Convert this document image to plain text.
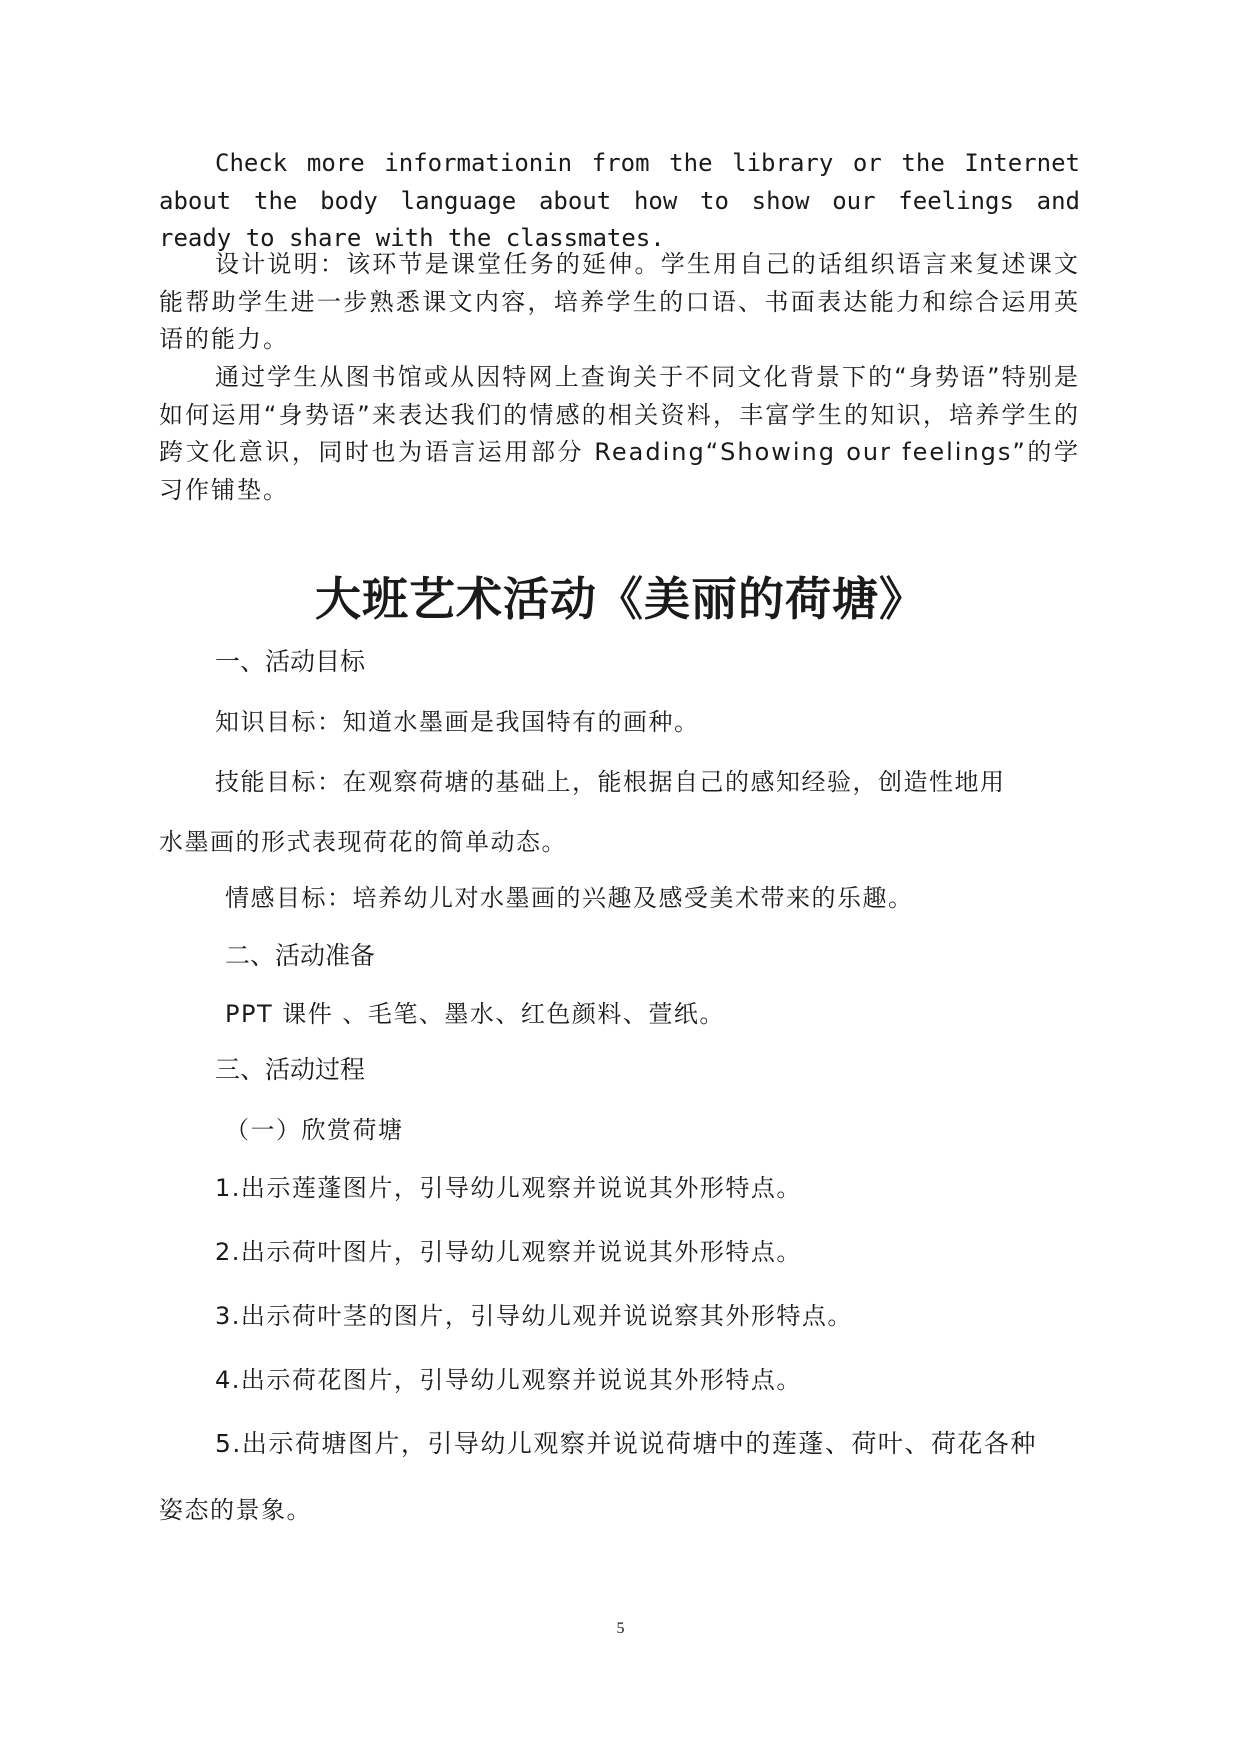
Check more informationin from the library or the Internet about the body language about how to show our feelings and ready to share with the classmates.

设计说明：该环节是课堂任务的延伸。学生用自己的话组织语言来复述课文能帮助学生进一步熟悉课文内容，培养学生的口语、书面表达能力和综合运用英语的能力。

通过学生从图书馆或从因特网上查询关于不同文化背景下的“身势语”特别是如何运用“身势语”来表达我们的情感的相关资料，丰富学生的知识，培养学生的跨文化意识，同时也为语言运用部分 Reading“Showing our feelings”的学习作铺垫。

大班艺术活动《美丽的荷塘》

一、活动目标

知识目标：知道水墨画是我国特有的画种。

技能目标：在观察荷塘的基础上，能根据自己的感知经验，创造性地用

水墨画的形式表现荷花的简单动态。

情感目标：培养幼儿对水墨画的兴趣及感受美术带来的乐趣。

二、活动准备

PPT 课件 、毛笔、墨水、红色颜料、萱纸。

三、活动过程

（一）欣赏荷塘

1.出示莲蓬图片，引导幼儿观察并说说其外形特点。

2.出示荷叶图片，引导幼儿观察并说说其外形特点。

3.出示荷叶茎的图片，引导幼儿观并说说察其外形特点。

4.出示荷花图片，引导幼儿观察并说说其外形特点。

5.出示荷塘图片，引导幼儿观察并说说荷塘中的莲蓬、荷叶、荷花各种

姿态的景象。

5
